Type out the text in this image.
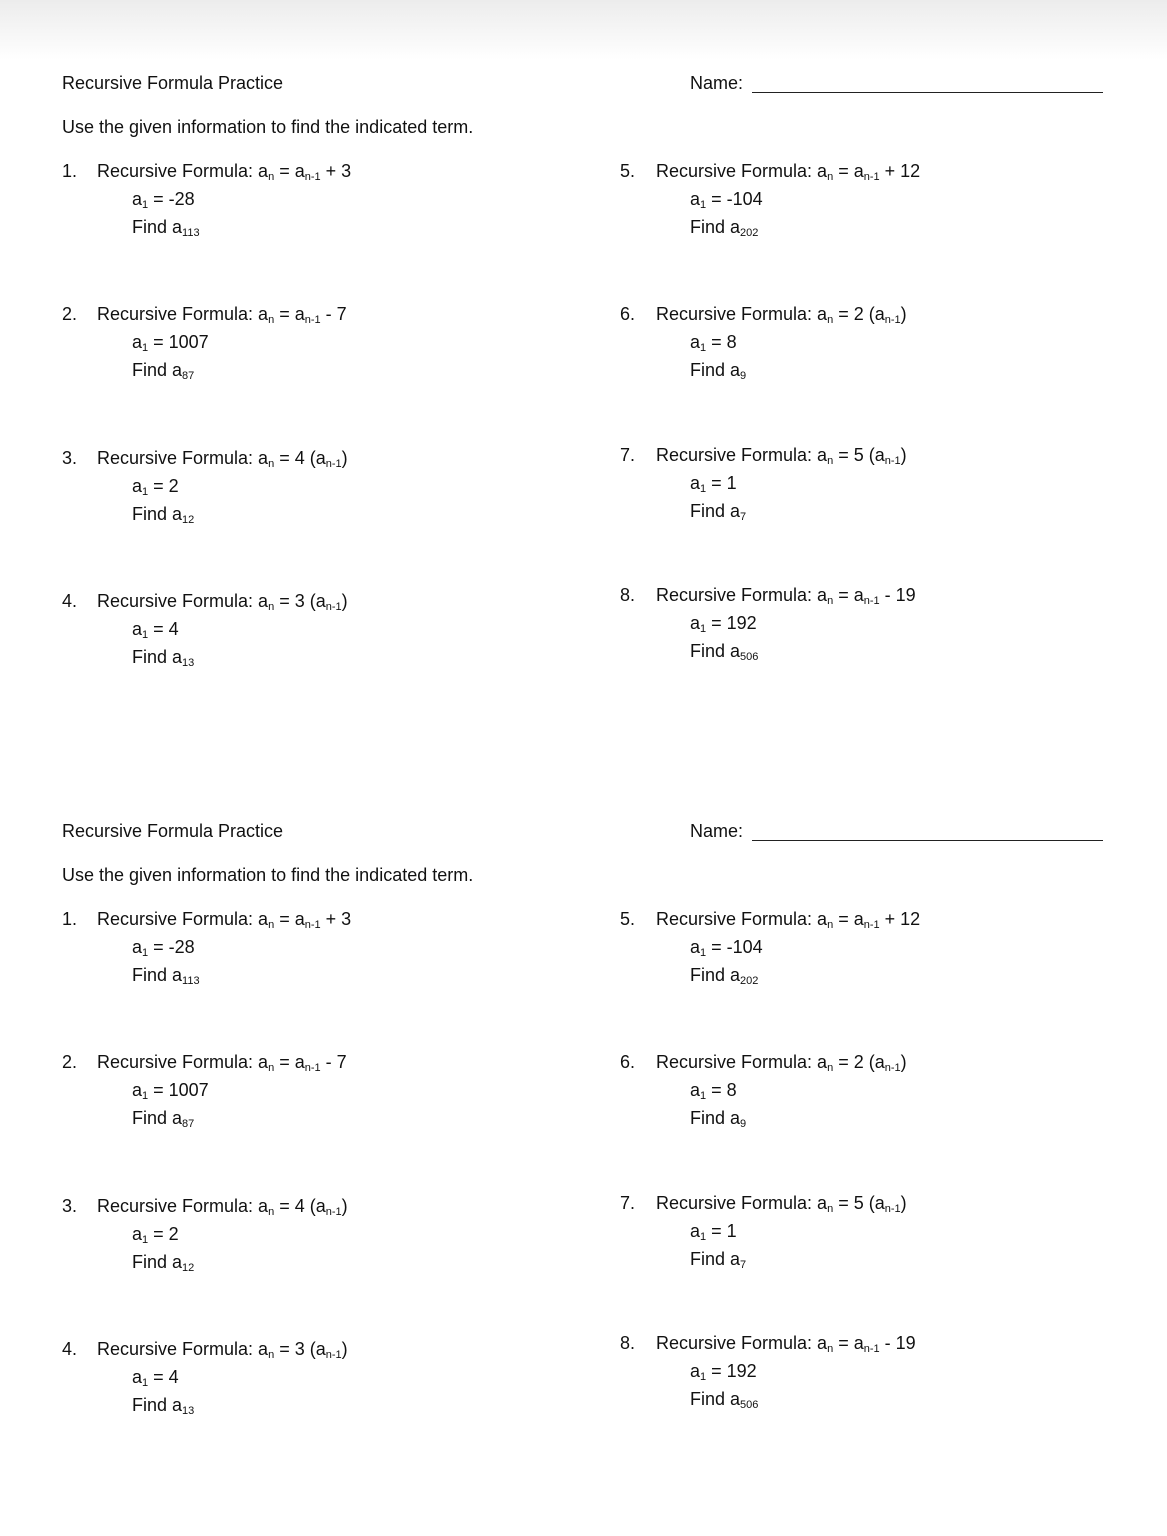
Recursive Formula Practice	Name:
Use the given information to find the indicated term.
1. Recursive Formula: $a_n = a_{n-1} + 3$
$a_1 = -28$
Find $a_{113}$
2. Recursive Formula: $a_n = a_{n-1} - 7$
$a_1 = 1007$
Find $a_{87}$
3. Recursive Formula: $a_n = 4$ $(a_{n-1})$
$a_1 = 2$
Find $a_{12}$
4. Recursive Formula: $a_n = 3$ $(a_{n-1})$
$a_1 = 4$
Find $a_{13}$
5. Recursive Formula: $a_n = a_{n-1} + 12$
$a_1 = -104$
Find $a_{202}$
6. Recursive Formula: $a_n = 2$ $(a_{n-1})$
$a_1 = 8$
Find $a_9$
7. Recursive Formula: $a_n = 5$ $(a_{n-1})$
$a_1 = 1$
Find $a_7$
8. Recursive Formula: $a_n = a_{n-1} - 19$
$a_1 = 192$
Find $a_{506}$
Recursive Formula Practice	Name:
Use the given information to find the indicated term.
1. Recursive Formula: $a_n = a_{n-1} + 3$
$a_1 = -28$
Find $a_{113}$
2. Recursive Formula: $a_n = a_{n-1} - 7$
$a_1 = 1007$
Find $a_{87}$
3. Recursive Formula: $a_n = 4$ $(a_{n-1})$
$a_1 = 2$
Find $a_{12}$
4. Recursive Formula: $a_n = 3$ $(a_{n-1})$
$a_1 = 4$
Find $a_{13}$
5. Recursive Formula: $a_n = a_{n-1} + 12$
$a_1 = -104$
Find $a_{202}$
6. Recursive Formula: $a_n = 2$ $(a_{n-1})$
$a_1 = 8$
Find $a_9$
7. Recursive Formula: $a_n = 5$ $(a_{n-1})$
$a_1 = 1$
Find $a_7$
8. Recursive Formula: $a_n = a_{n-1} - 19$
$a_1 = 192$
Find $a_{506}$
